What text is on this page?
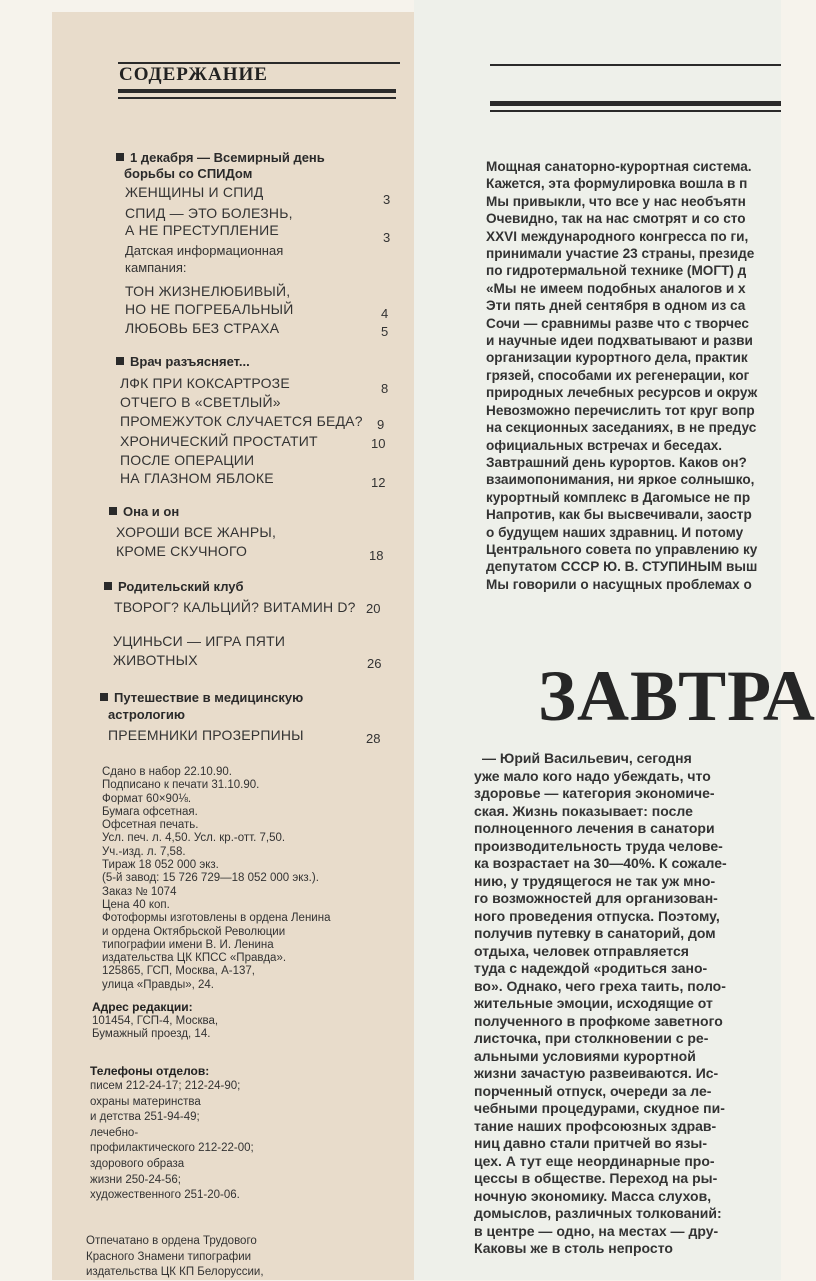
СОДЕРЖАНИЕ
1 декабря — Всемирный день
борьбы со СПИДом
ЖЕНЩИНЫ И СПИД	3
СПИД — ЭТО БОЛЕЗНЬ,
А НЕ ПРЕСТУПЛЕНИЕ	3
Датская информационная
кампания:
ТОН ЖИЗНЕЛЮБИВЫЙ,
НО НЕ ПОГРЕБАЛЬНЫЙ	4
ЛЮБОВЬ БЕЗ СТРАХА	5
Врач разъясняет...
ЛФК ПРИ КОКСАРТРОЗЕ	8
ОТЧЕГО В «СВЕТЛЫЙ»
ПРОМЕЖУТОК СЛУЧАЕТСЯ БЕДА? 9
ХРОНИЧЕСКИЙ ПРОСТАТИТ	10
ПОСЛЕ ОПЕРАЦИИ
НА ГЛАЗНОМ ЯБЛОКЕ	12
Она и он
ХОРОШИ ВСЕ ЖАНРЫ,
КРОМЕ СКУЧНОГО	18
Родительский клуб
ТВОРОГ? КАЛЬЦИЙ? ВИТАМИН D? 20
УЦИНЬСИ — ИГРА ПЯТИ
ЖИВОТНЫХ	26
Путешествие в медицинскую
астрологию
ПРЕЕМНИКИ ПРОЗЕРПИНЫ	28
Сдано в набор 22.10.90.
Подписано к печати 31.10.90.
Формат 60×90⅛.
Бумага офсетная.
Офсетная печать.
Усл. печ. л. 4,50. Усл. кр.-отт. 7,50.
Уч.-изд. л. 7,58.
Тираж 18 052 000 экз.
(5-й завод: 15 726 729—18 052 000 экз.).
Заказ № 1074
Цена 40 коп.
Фотоформы изготовлены в ордена Ленина
и ордена Октябрьской Революции
типографии имени В. И. Ленина
издательства ЦК КПСС «Правда».
125865, ГСП, Москва, А-137,
улица «Правды», 24.
Адрес редакции:
101454, ГСП-4, Москва,
Бумажный проезд, 14.
Телефоны отделов:
писем 212-24-17; 212-24-90;
охраны материнства
и детства 251-94-49;
лечебно-
профилактического 212-22-00;
здорового образа
жизни 250-24-56;
художественного 251-20-06.
Отпечатано в ордена Трудового
Красного Знамени типографии
издательства ЦК КП Белоруссии,
Мощная санаторно-курортная система.
Кажется, эта формулировка вошла в п
Мы привыкли, что все у нас необъятн
Очевидно, так на нас смотрят и со сто
XXVI международного конгресса по ги,
принимали участие 23 страны, президе
по гидротермальной технике (МОГТ) д
«Мы не имеем подобных аналогов и х
Эти пять дней сентября в одном из са
Сочи — сравнимы разве что с творчес
и научные идеи подхватывают и разви
организации курортного дела, практик
грязей, способами их регенерации, ког
природных лечебных ресурсов и окруж
Невозможно перечислить тот круг вопр
на секционных заседаниях, в не предус
официальных встречах и беседах.
Завтрашний день курортов. Каков он?
взаимопонимания, ни яркое солнышко,
курортный комплекс в Дагомысе не пр
Напротив, как бы высвечивали, заостр
о будущем наших здравниц. И потому
Центрального совета по управлению ку
депутатом СССР Ю. В. СТУПИНЫМ выш
Мы говорили о насущных проблемах о
ЗАВТРА
— Юрий Васильевич, сегодня
уже мало кого надо убеждать, что
здоровье — категория экономиче-
ская. Жизнь показывает: после
полноценного лечения в санатори
производительность труда челове-
ка возрастает на 30—40%. К сожале-
нию, у трудящегося не так уж мно-
го возможностей для организован-
ного проведения отпуска. Поэтому,
получив путевку в санаторий, дом
отдыха, человек отправляется
туда с надеждой «родиться зано-
во». Однако, чего греха таить, поло-
жительные эмоции, исходящие от
полученного в профкоме заветного
листочка, при столкновении с ре-
альными условиями курортной
жизни зачастую развеиваются. Ис-
порченный отпуск, очереди за ле-
чебными процедурами, скудное пи-
тание наших профсоюзных здрав-
ниц давно стали притчей во язы-
цех. А тут еще неординарные про-
цессы в обществе. Переход на ры-
ночную экономику. Масса слухов,
домыслов, различных толкований:
в центре — одно, на местах — дру-
Каковы же в столь непросто
